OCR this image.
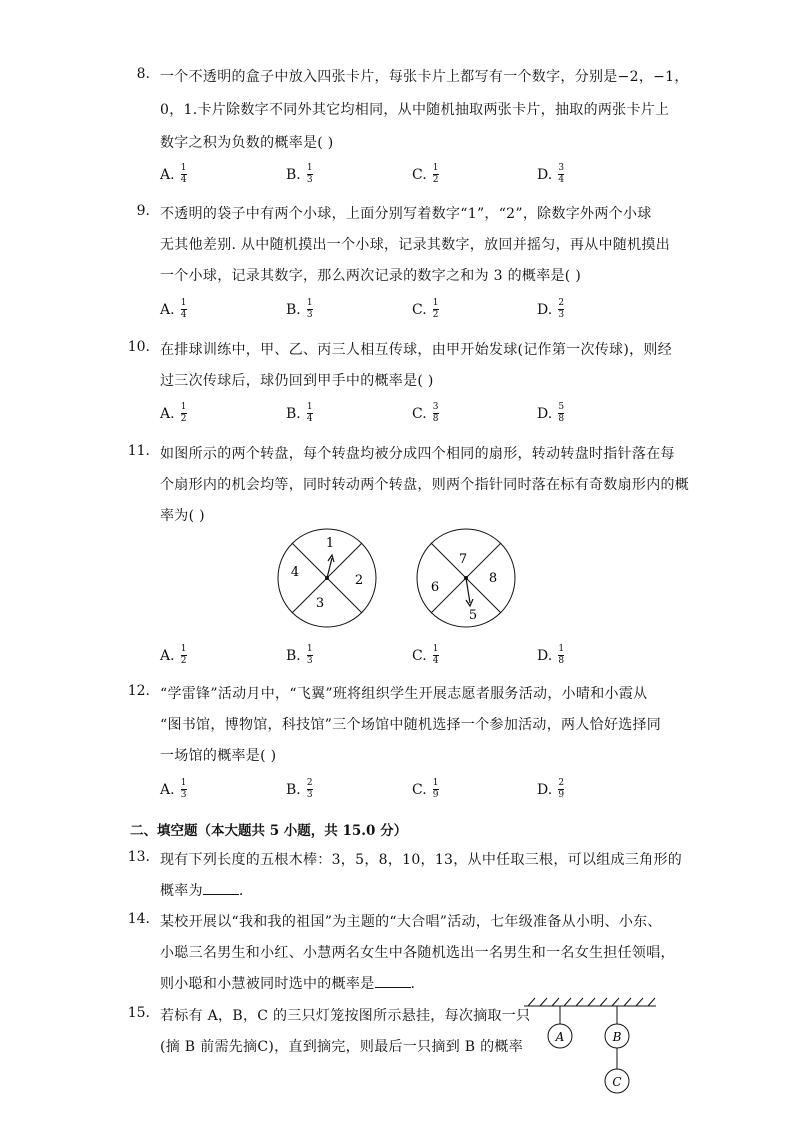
8. 一个不透明的盒子中放入四张卡片，每张卡片上都写有一个数字，分别是−2，−1，
0，1.卡片除数字不同外其它均相同，从中随机抽取两张卡片，抽取的两张卡片上
数字之积为负数的概率是( )
A. $\frac{1}{4}$	B. $\frac{1}{3}$	C. $\frac{1}{2}$	D. $\frac{3}{4}$
9. 不透明的袋子中有两个小球，上面分别写着数字“1”，“2”，除数字外两个小球
无其他差别. 从中随机摸出一个小球，记录其数字，放回并摇匀，再从中随机摸出
一个小球，记录其数字，那么两次记录的数字之和为 3 的概率是( )
A. $\frac{1}{4}$	B. $\frac{1}{3}$	C. $\frac{1}{2}$	D. $\frac{2}{3}$
10. 在排球训练中，甲、乙、丙三人相互传球，由甲开始发球(记作第一次传球)，则经
过三次传球后，球仍回到甲手中的概率是( )
A. $\frac{1}{2}$	B. $\frac{1}{4}$	C. $\frac{3}{8}$	D. $\frac{5}{8}$
11. 如图所示的两个转盘，每个转盘均被分成四个相同的扇形，转动转盘时指针落在每
个扇形内的机会均等，同时转动两个转盘，则两个指针同时落在标有奇数扇形内的概
率为( )
1
2
3
4
7
8
5
6
A. $\frac{1}{2}$	B. $\frac{1}{3}$	C. $\frac{1}{4}$	D. $\frac{1}{8}$
12. “学雷锋”活动月中，“飞翼”班将组织学生开展志愿者服务活动，小晴和小霞从
“图书馆，博物馆，科技馆”三个场馆中随机选择一个参加活动，两人恰好选择同
一场馆的概率是( )
A. $\frac{1}{3}$	B. $\frac{2}{3}$	C. $\frac{1}{9}$	D. $\frac{2}{9}$
二、填空题（本大题共 5 小题，共 15.0 分）
13. 现有下列长度的五根木棒：3，5，8，10，13，从中任取三根，可以组成三角形的
概率为	.
14. 某校开展以“我和我的祖国”为主题的“大合唱”活动，七年级准备从小明、小东、
小聪三名男生和小红、小慧两名女生中各随机选出一名男生和一名女生担任领唱，
则小聪和小慧被同时选中的概率是	.
15. 若标有 A，B，C 的三只灯笼按图所示悬挂，每次摘取一只
(摘 B 前需先摘C)，直到摘完，则最后一只摘到 B 的概率
A	B
C
